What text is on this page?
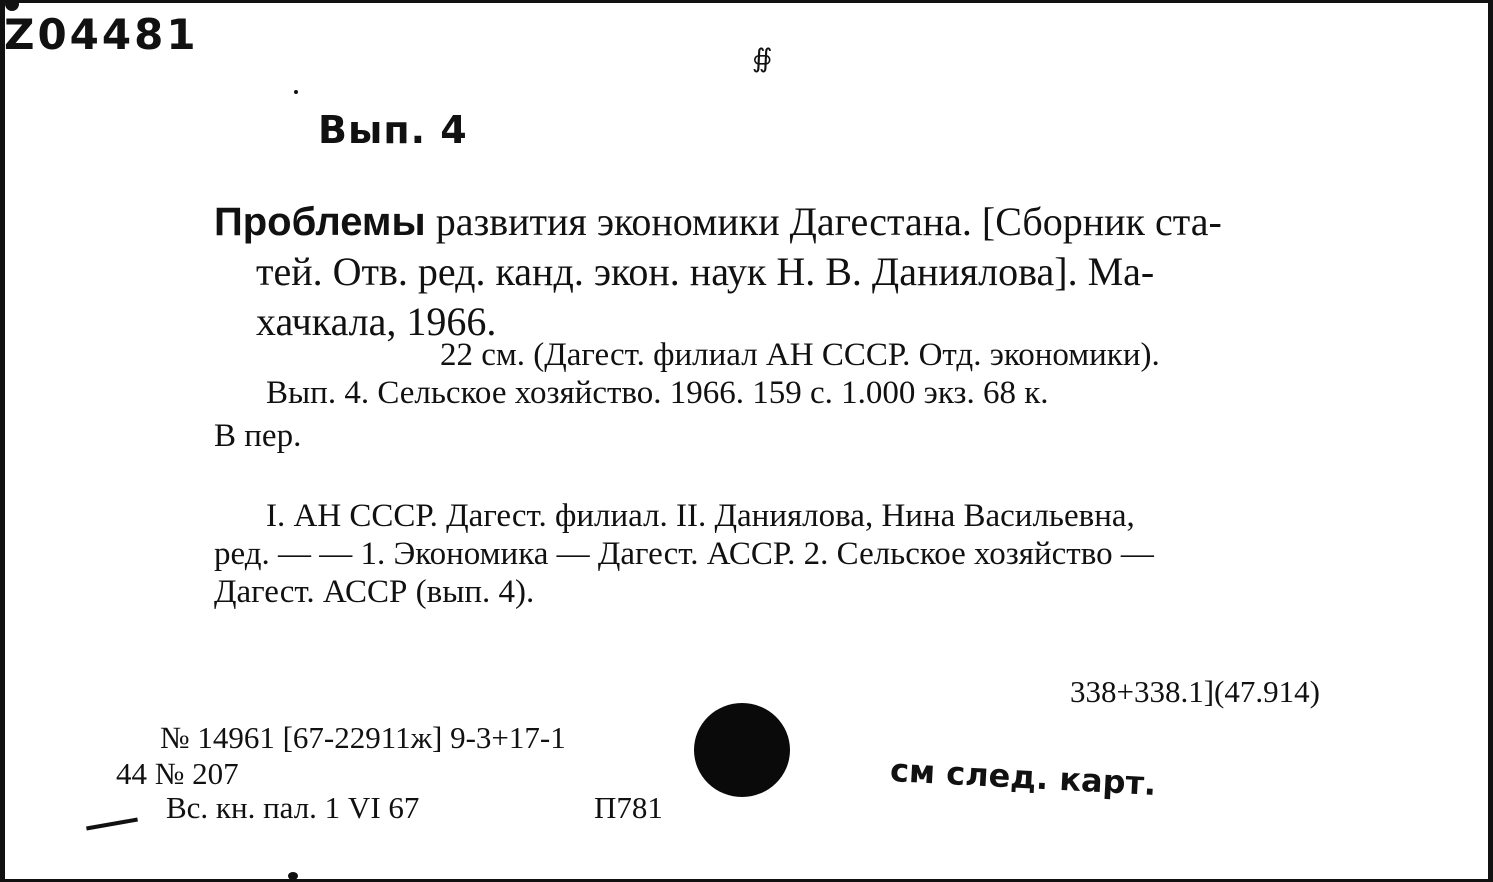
Z04481	∯
Вып. 4
Проблемы развития экономики Дагестана. [Сборник ста-
тей. Отв. ред. канд. экон. наук Н. В. Даниялова]. Ма-
хачкала, 1966.
22 см. (Дагест. филиал АН СССР. Отд. экономики).
Вып. 4. Сельское хозяйство. 1966. 159 с. 1.000 экз. 68 к.
В пер.
I. АН СССР. Дагест. филиал. II. Даниялова, Нина Васильевна,
ред. — — 1. Экономика — Дагест. АССР. 2. Сельское хозяйство —
Дагест. АССР (вып. 4).
338+338.1](47.914)
№ 14961 [67-22911ж] 9-3+17-1
44 № 207
Вс. кн. пал. 1 VI 67	П781
см след. карт.
